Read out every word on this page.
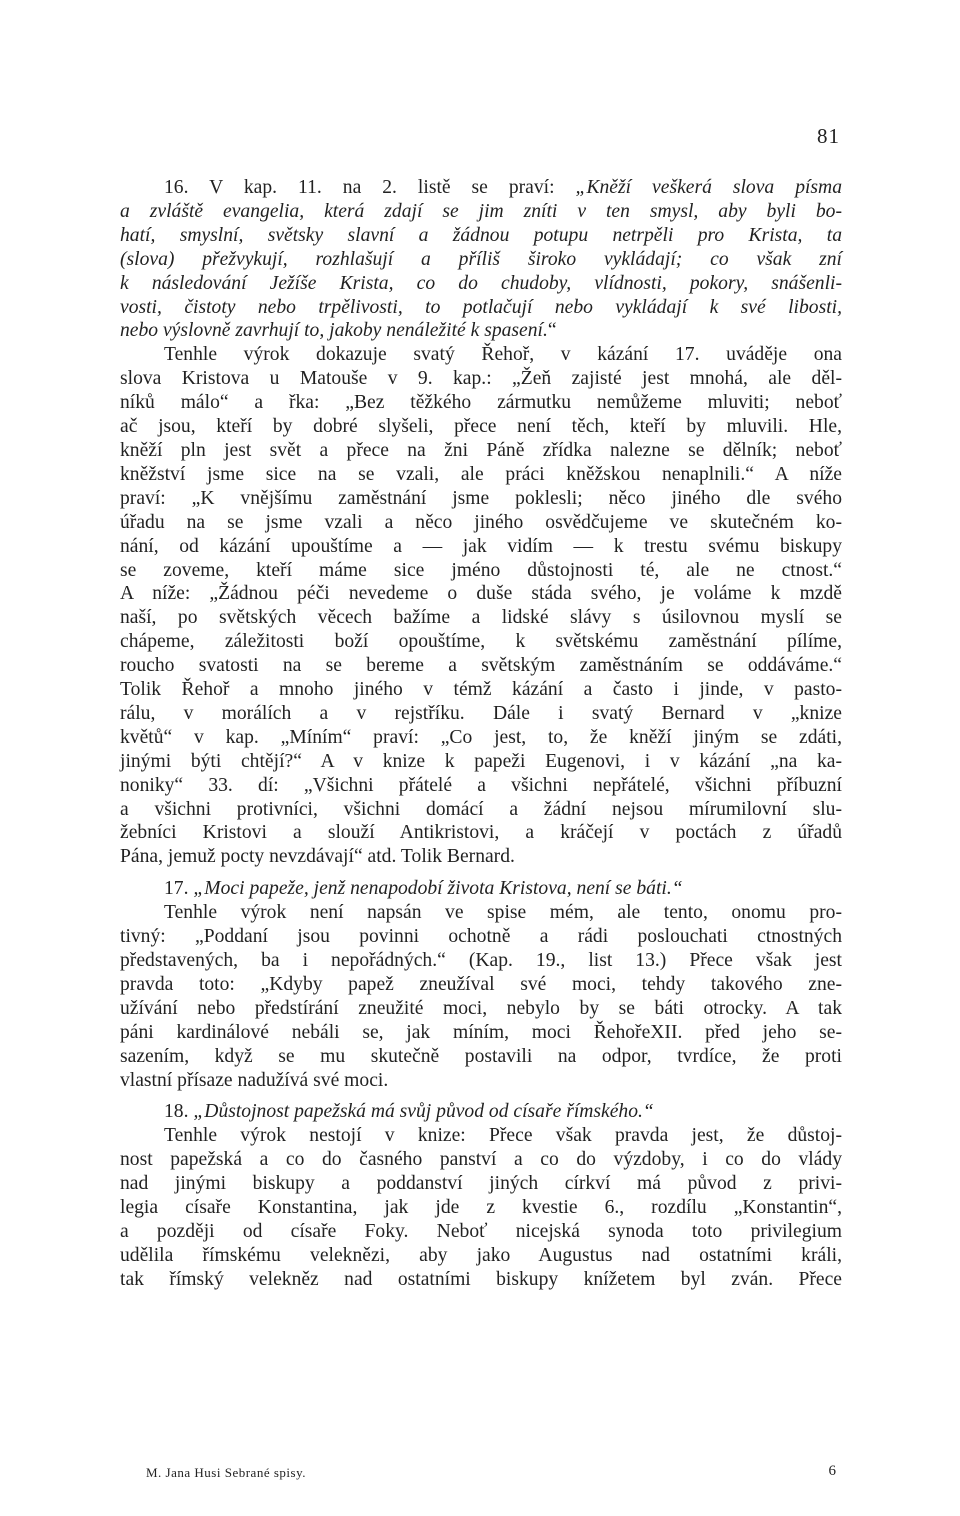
81
16. V kap. 11. na 2. listě se praví: „Kněží veškerá slova písma
a zvláště evangelia, která zdají se jim zníti v ten smysl, aby byli bo-
hatí, smyslní, světsky slavní a žádnou potupu netrpěli pro Krista, ta
(slova) přežvykují, rozhlašují a příliš široko vykládají; co však zní
k následování Ježíše Krista, co do chudoby, vlídnosti, pokory, snášenli-
vosti, čistoty nebo trpělivosti, to potlačují nebo vykládají k své libosti,
nebo výslovně zavrhují to, jakoby nenáležité k spasení.“
Tenhle výrok dokazuje svatý Řehoř, v kázání 17. uváděje ona
slova Kristova u Matouše v 9. kap.: „Žeň zajisté jest mnohá, ale děl-
níků málo“ a řka: „Bez těžkého zármutku nemůžeme mluviti; neboť
ač jsou, kteří by dobré slyšeli, přece není těch, kteří by mluvili. Hle,
kněží pln jest svět a přece na žni Páně zřídka nalezne se dělník; neboť
kněžství jsme sice na se vzali, ale práci kněžskou nenaplnili.“ A níže
praví: „K vnějšímu zaměstnání jsme poklesli; něco jiného dle svého
úřadu na se jsme vzali a něco jiného osvědčujeme ve skutečném ko-
nání, od kázání upouštíme a — jak vidím — k trestu svému biskupy
se zoveme, kteří máme sice jméno důstojnosti té, ale ne ctnost.“
A níže: „Žádnou péči nevedeme o duše stáda svého, je voláme k mzdě
naší, po světských věcech bažíme a lidské slávy s úsilovnou myslí se
chápeme, záležitosti boží opouštíme, k světskému zaměstnání pílíme,
roucho svatosti na se bereme a světským zaměstnáním se oddáváme.“
Tolik Řehoř a mnoho jiného v témž kázání a často i jinde, v pasto-
rálu, v morálích a v rejstříku. Dále i svatý Bernard v „knize
květů“ v kap. „Míním“ praví: „Co jest, to, že kněží jiným se zdáti,
jinými býti chtějí?“ A v knize k papeži Eugenovi, i v kázání „na ka-
noniky“ 33. dí: „Všichni přátelé a všichni nepřátelé, všichni příbuzní
a všichni protivníci, všichni domácí a žádní nejsou mírumilovní slu-
žebníci Kristovi a slouží Antikristovi, a kráčejí v poctách z úřadů
Pána, jemuž pocty nevzdávají“ atd. Tolik Bernard.
17. „Moci papeže, jenž nenapodobí života Kristova, není se báti.“
Tenhle výrok není napsán ve spise mém, ale tento, onomu pro-
tivný: „Poddaní jsou povinni ochotně a rádi poslouchati ctnostných
představených, ba i nepořádných.“ (Kap. 19., list 13.) Přece však jest
pravda toto: „Kdyby papež zneužíval své moci, tehdy takového zne-
užívání nebo předstírání zneužité moci, nebylo by se báti otrocky. A tak
páni kardinálové nebáli se, jak míním, moci ŘehořeXII. před jeho se-
sazením, když se mu skutečně postavili na odpor, tvrdíce, že proti
vlastní přísaze nadužívá své moci.
18. „Důstojnost papežská má svůj původ od císaře římského.“
Tenhle výrok nestojí v knize: Přece však pravda jest, že důstoj-
nost papežská a co do časného panství a co do výzdoby, i co do vlády
nad jinými biskupy a poddanství jiných církví má původ z privi-
legia císaře Konstantina, jak jde z kvestie 6., rozdílu „Konstantin“,
a později od císaře Foky. Neboť nicejská synoda toto privilegium
udělila římskému veleknězi, aby jako Augustus nad ostatními králi,
tak římský velekněz nad ostatními biskupy knížetem byl zván. Přece
M. Jana Husi Sebrané spisy.	6
